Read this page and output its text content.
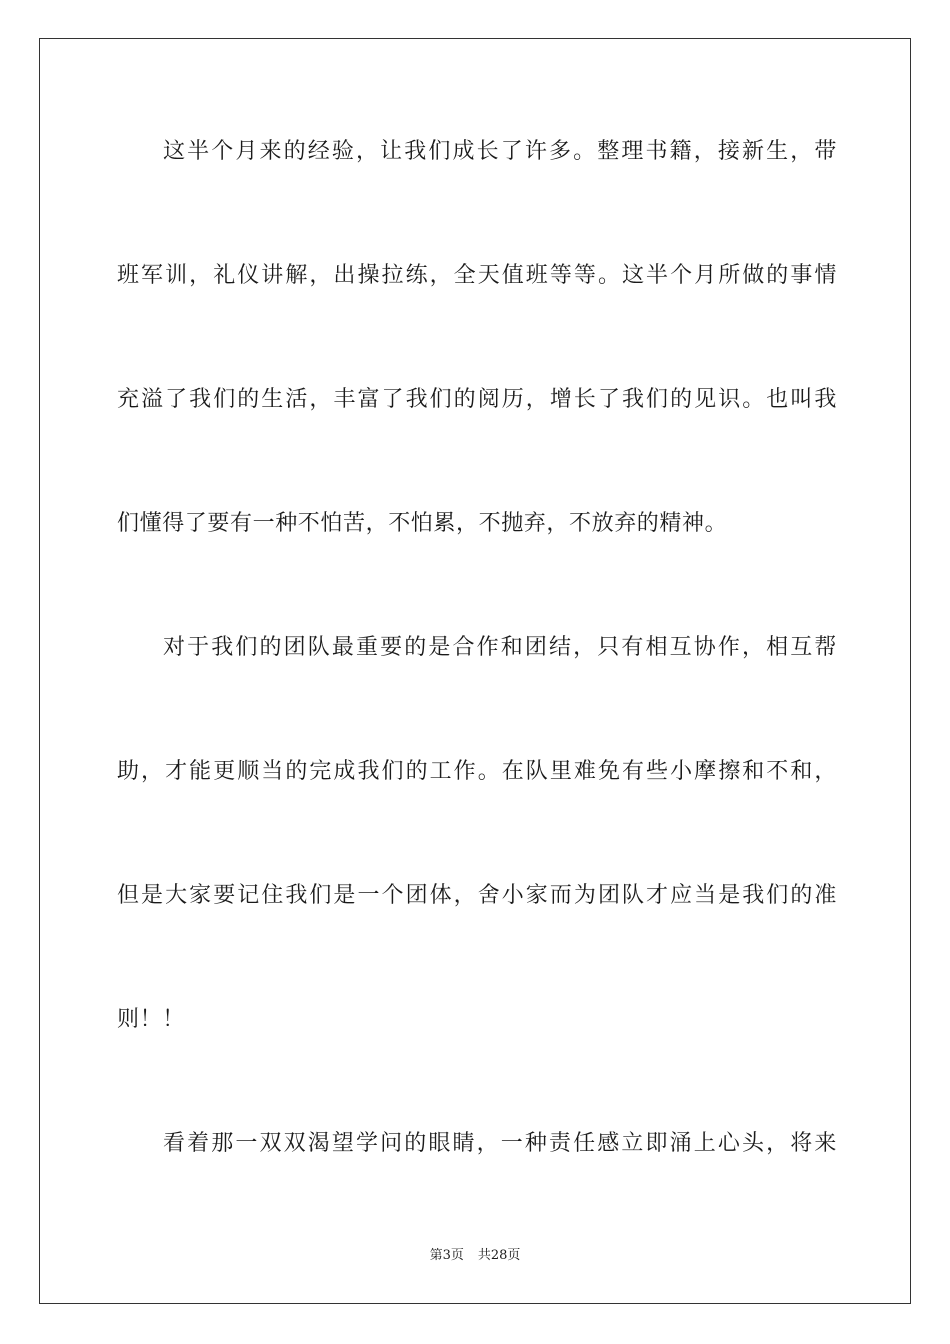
这半个月来的经验，让我们成长了许多。整理书籍，接新生，带
班军训，礼仪讲解，出操拉练，全天值班等等。这半个月所做的事情
充溢了我们的生活，丰富了我们的阅历，增长了我们的见识。也叫我
们懂得了要有一种不怕苦，不怕累，不抛弃，不放弃的精神。
对于我们的团队最重要的是合作和团结，只有相互协作，相互帮
助，才能更顺当的完成我们的工作。在队里难免有些小摩擦和不和，
但是大家要记住我们是一个团体，舍小家而为团队才应当是我们的准
则！！
看着那一双双渴望学问的眼睛，一种责任感立即涌上心头，将来
第3页 共28页
